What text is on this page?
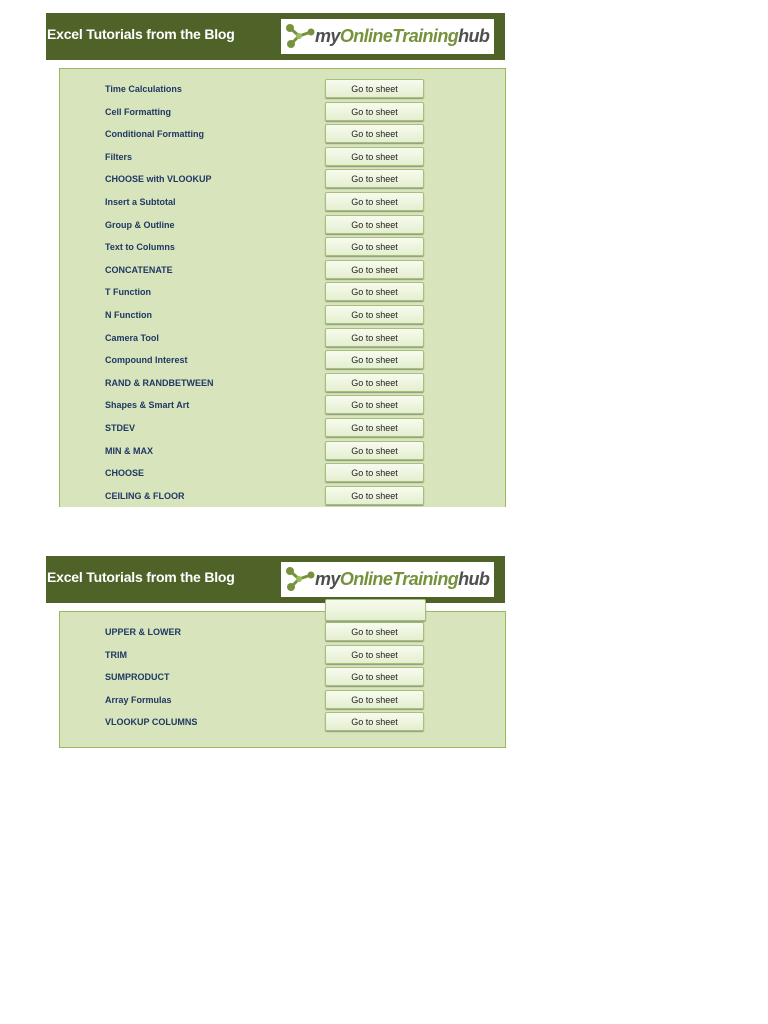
Excel Tutorials from the Blog	myOnlineTraininghub
Time Calculations	Go to sheet
Cell Formatting	Go to sheet
Conditional Formatting	Go to sheet
Filters	Go to sheet
CHOOSE with VLOOKUP	Go to sheet
Insert a Subtotal	Go to sheet
Group & Outline	Go to sheet
Text to Columns	Go to sheet
CONCATENATE	Go to sheet
T Function	Go to sheet
N Function	Go to sheet
Camera Tool	Go to sheet
Compound Interest	Go to sheet
RAND & RANDBETWEEN	Go to sheet
Shapes & Smart Art	Go to sheet
STDEV	Go to sheet
MIN & MAX	Go to sheet
CHOOSE	Go to sheet
CEILING & FLOOR	Go to sheet
Excel Tutorials from the Blog	myOnlineTraininghub
UPPER & LOWER	Go to sheet
TRIM	Go to sheet
SUMPRODUCT	Go to sheet
Array Formulas	Go to sheet
VLOOKUP COLUMNS	Go to sheet
